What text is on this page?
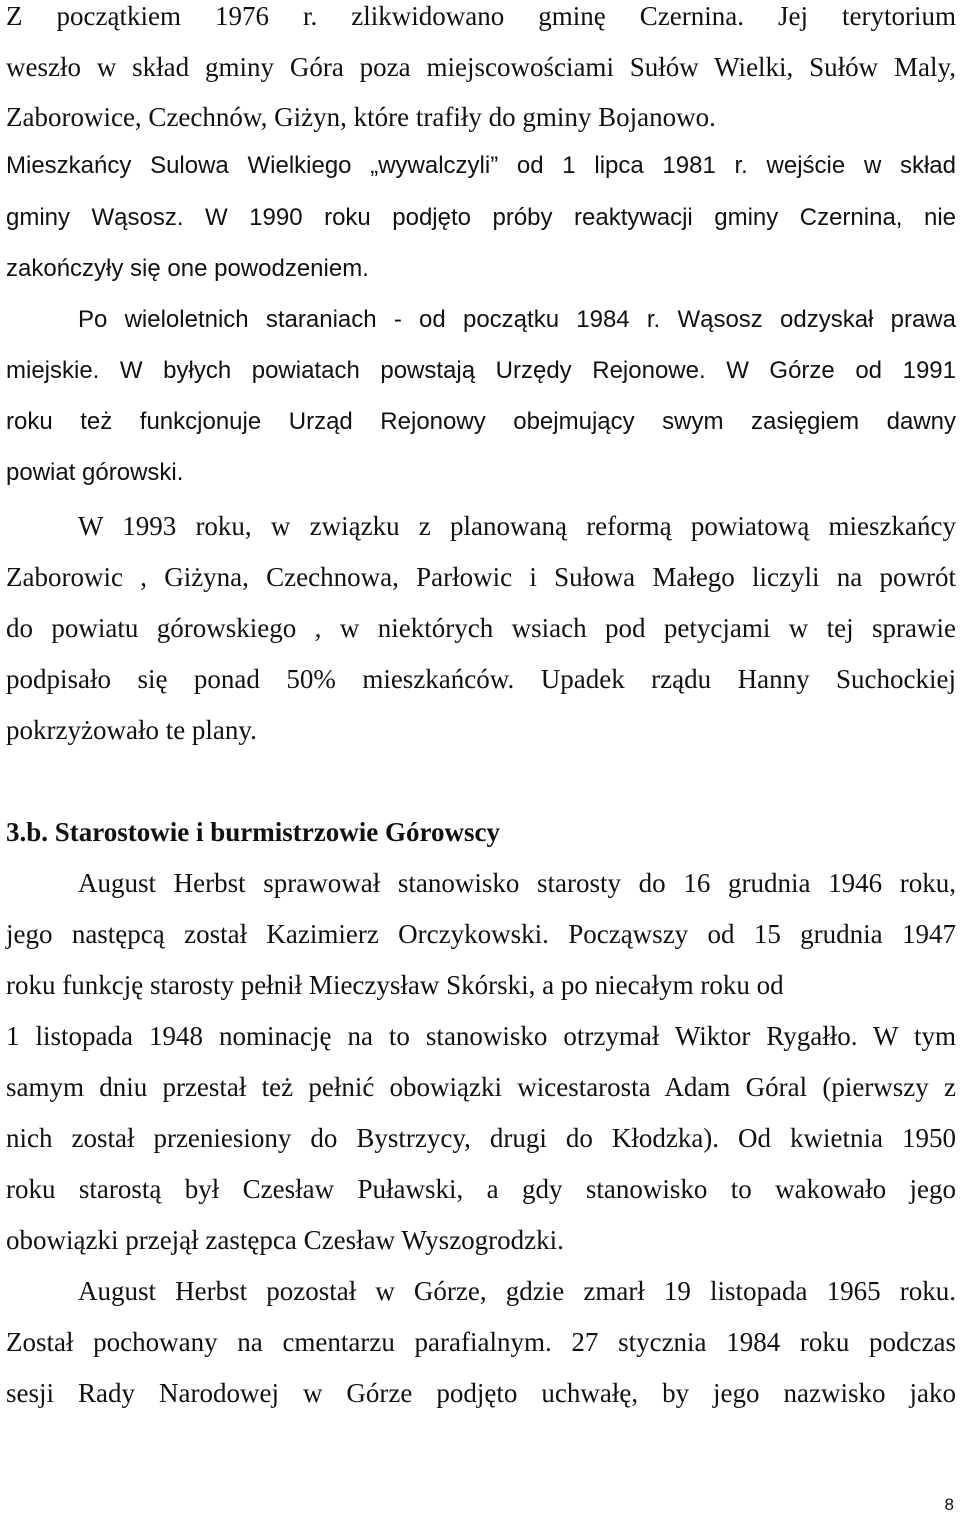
Z początkiem 1976 r. zlikwidowano gminę Czernina. Jej terytorium

weszło w skład gminy Góra poza miejscowościami Sułów Wielki, Sułów Maly,

Zaborowice, Czechnów, Giżyn, które trafiły do gminy Bojanowo.

Mieszkańcy Sulowa Wielkiego „wywalczyli” od 1 lipca 1981 r. wejście w skład

gminy Wąsosz. W 1990 roku podjęto próby reaktywacji gminy Czernina, nie

zakończyły się one powodzeniem.

Po wieloletnich staraniach - od początku 1984 r. Wąsosz odzyskał prawa

miejskie. W byłych powiatach powstają Urzędy Rejonowe. W Górze od 1991

roku też funkcjonuje Urząd Rejonowy obejmujący swym zasięgiem dawny

powiat górowski.

W 1993 roku, w związku z planowaną reformą powiatową mieszkańcy

Zaborowic , Giżyna, Czechnowa, Parłowic i Sułowa Małego liczyli na powrót

do powiatu górowskiego , w niektórych wsiach pod petycjami w tej sprawie

podpisało się ponad 50% mieszkańców. Upadek rządu Hanny Suchockiej

pokrzyżowało te plany.

3.b. Starostowie i burmistrzowie Górowscy

August Herbst sprawował stanowisko starosty do 16 grudnia 1946 roku,

jego następcą został Kazimierz Orczykowski. Począwszy od 15 grudnia 1947

roku funkcję starosty pełnił Mieczysław Skórski, a po niecałym roku od

1 listopada 1948 nominację na to stanowisko otrzymał Wiktor Rygałło. W tym

samym dniu przestał też pełnić obowiązki wicestarosta Adam Góral (pierwszy z

nich został przeniesiony do Bystrzycy, drugi do Kłodzka). Od kwietnia 1950

roku starostą był Czesław Puławski, a gdy stanowisko to wakowało jego

obowiązki przejął zastępca Czesław Wyszogrodzki.

August Herbst pozostał w Górze, gdzie zmarł 19 listopada 1965 roku.

Został pochowany na cmentarzu parafialnym. 27 stycznia 1984 roku podczas

sesji Rady Narodowej w Górze podjęto uchwałę, by jego nazwisko jako

8
